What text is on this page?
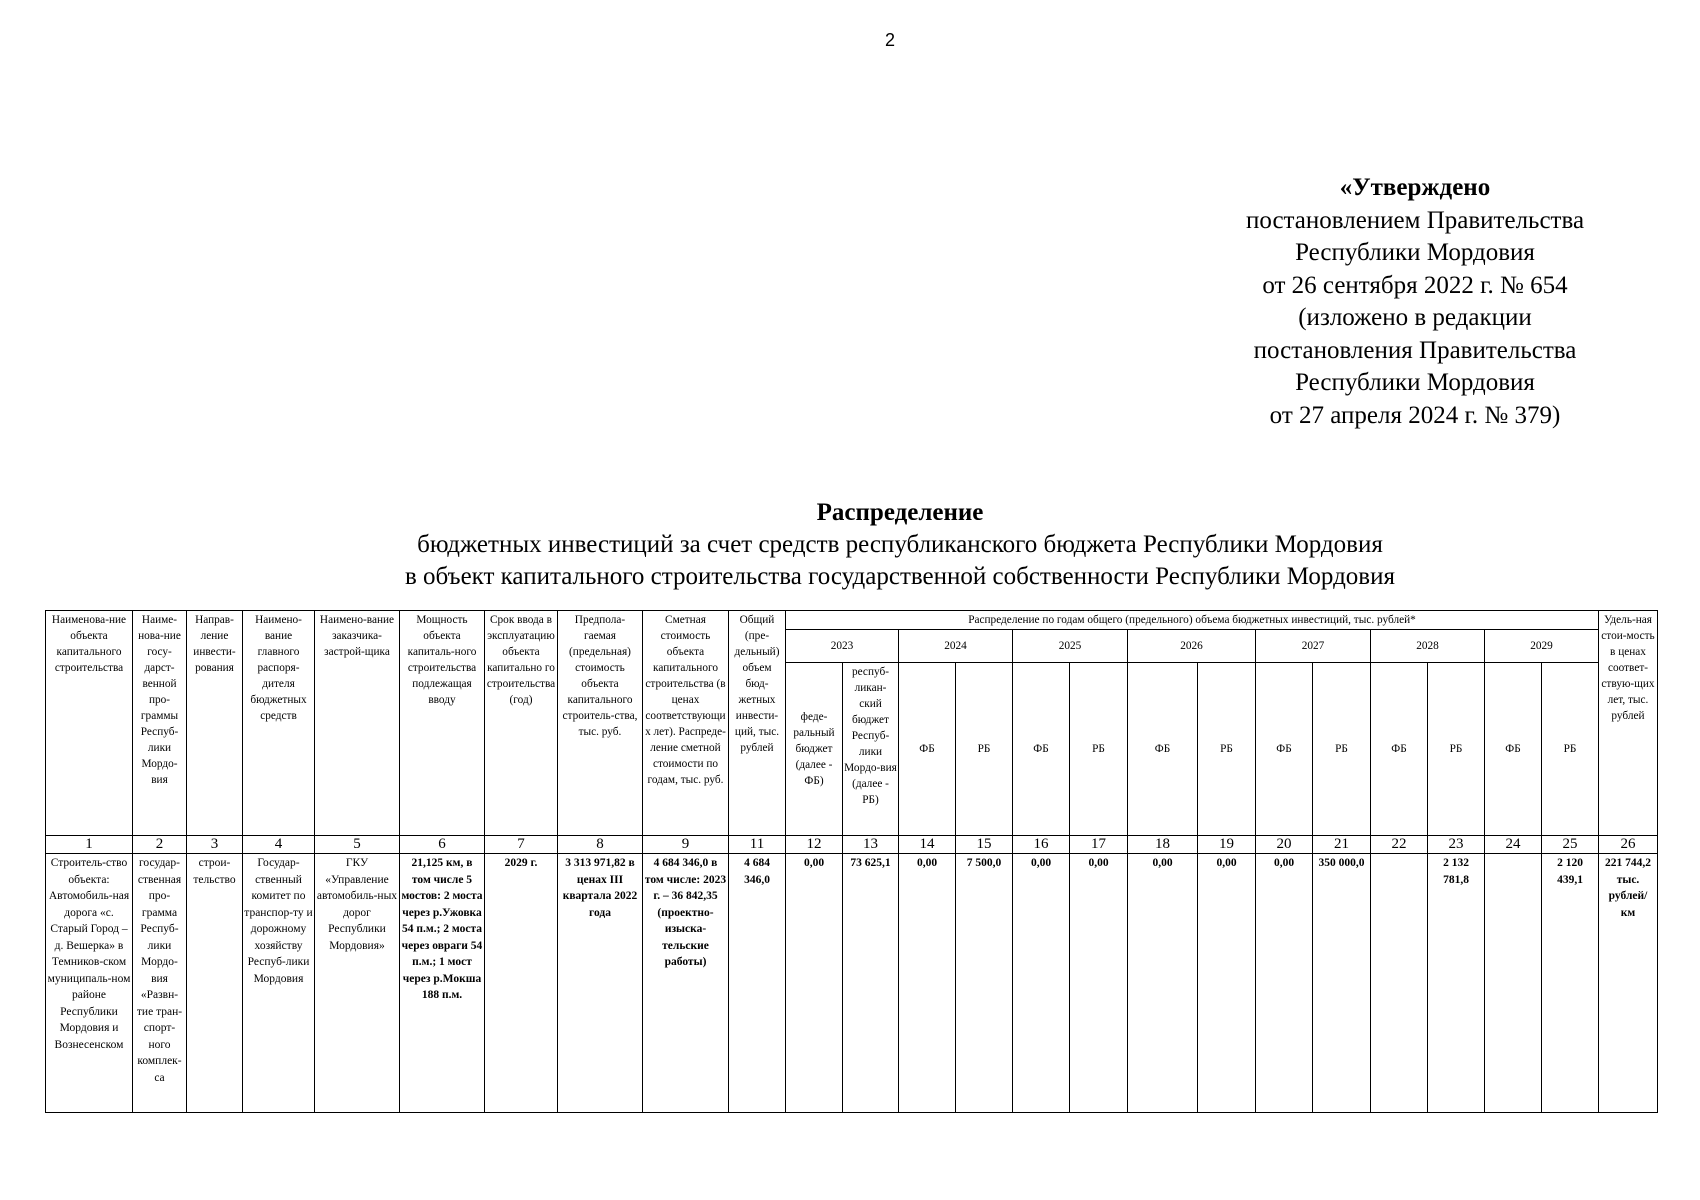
2
«Утверждено
постановлением Правительства
Республики Мордовия
от 26 сентября 2022 г. № 654
(изложено в редакции
постановления Правительства
Республики Мордовия
от 27 апреля 2024 г. № 379)
Распределение
бюджетных инвестиций за счет средств республиканского бюджета Республики Мордовия
в объект капитального строительства государственной собственности Республики Мордовия
Наименова-ние объекта капитального строительства	Наиме-нова-ние госу-дарст-венной про-граммы Респуб-лики Мордо-вия	Направ-ление инвести-рования	Наимено-вание главного распоря-дителя бюджетных средств	Наимено-вание заказчика-застрой-щика	Мощность объекта капиталь-ного строительства подлежащая вводу	Срок ввода в эксплуатацию объекта капитально го строительства (год)	Предпола-гаемая (предельная) стоимость объекта капитального строитель-ства, тыс. руб.	Сметная стоимость объекта капитального строительства (в ценах соответствующих лет). Распреде-ление сметной стоимости по годам, тыс. руб.	Общий (пре-дельный) объем бюд-жетных инвести-ций, тыс. рублей	Распределение по годам общего (предельного) объема бюджетных инвестиций, тыс. рублей*														Удель-ная стои-мость в ценах соответ-ствую-щих лет, тыс. рублей
										2023		2024		2025		2026		2027		2028		2029		
										феде-ральный бюджет (далее - ФБ)	респуб-ликан-ский бюджет Респуб-лики Мордо-вия (далее - РБ)	ФБ	РБ	ФБ	РБ	ФБ	РБ	ФБ	РБ	ФБ	РБ	ФБ	РБ	
1	2	3	4	5	6	7	8	9	11	12	13	14	15	16	17	18	19	20	21	22	23	24	25	26
Строитель-ство объекта: Автомобиль-ная дорога «с. Старый Город – д. Вешерка» в Темников-ском муниципаль-ном районе Республики Мордовия и Вознесенском	государ-ственная про-грамма Респуб-лики Мордо-вия «Развн-тие тран-спорт-ного комплек-са	строи-тельство	Государ-ственный комитет по транспор-ту и дорожному хозяйству Респуб-лики Мордовия	ГКУ «Управление автомобиль-ных дорог Республики Мордовия»	21,125 км, в том числе 5 мостов: 2 моста через р.Ужовка 54 п.м.; 2 моста через овраги 54 п.м.; 1 мост через р.Мокша 188 п.м.	2029 г.	3 313 971,82 в ценах III квартала 2022 года	4 684 346,0 в том числе: 2023 г. – 36 842,35 (проектно-изыска-тельские работы)	4 684 346,0	0,00	73 625,1	0,00	7 500,0	0,00	0,00	0,00	0,00	0,00	350 000,0		2 132 781,8		2 120 439,1	221 744,2 тыс. рублей/ км
